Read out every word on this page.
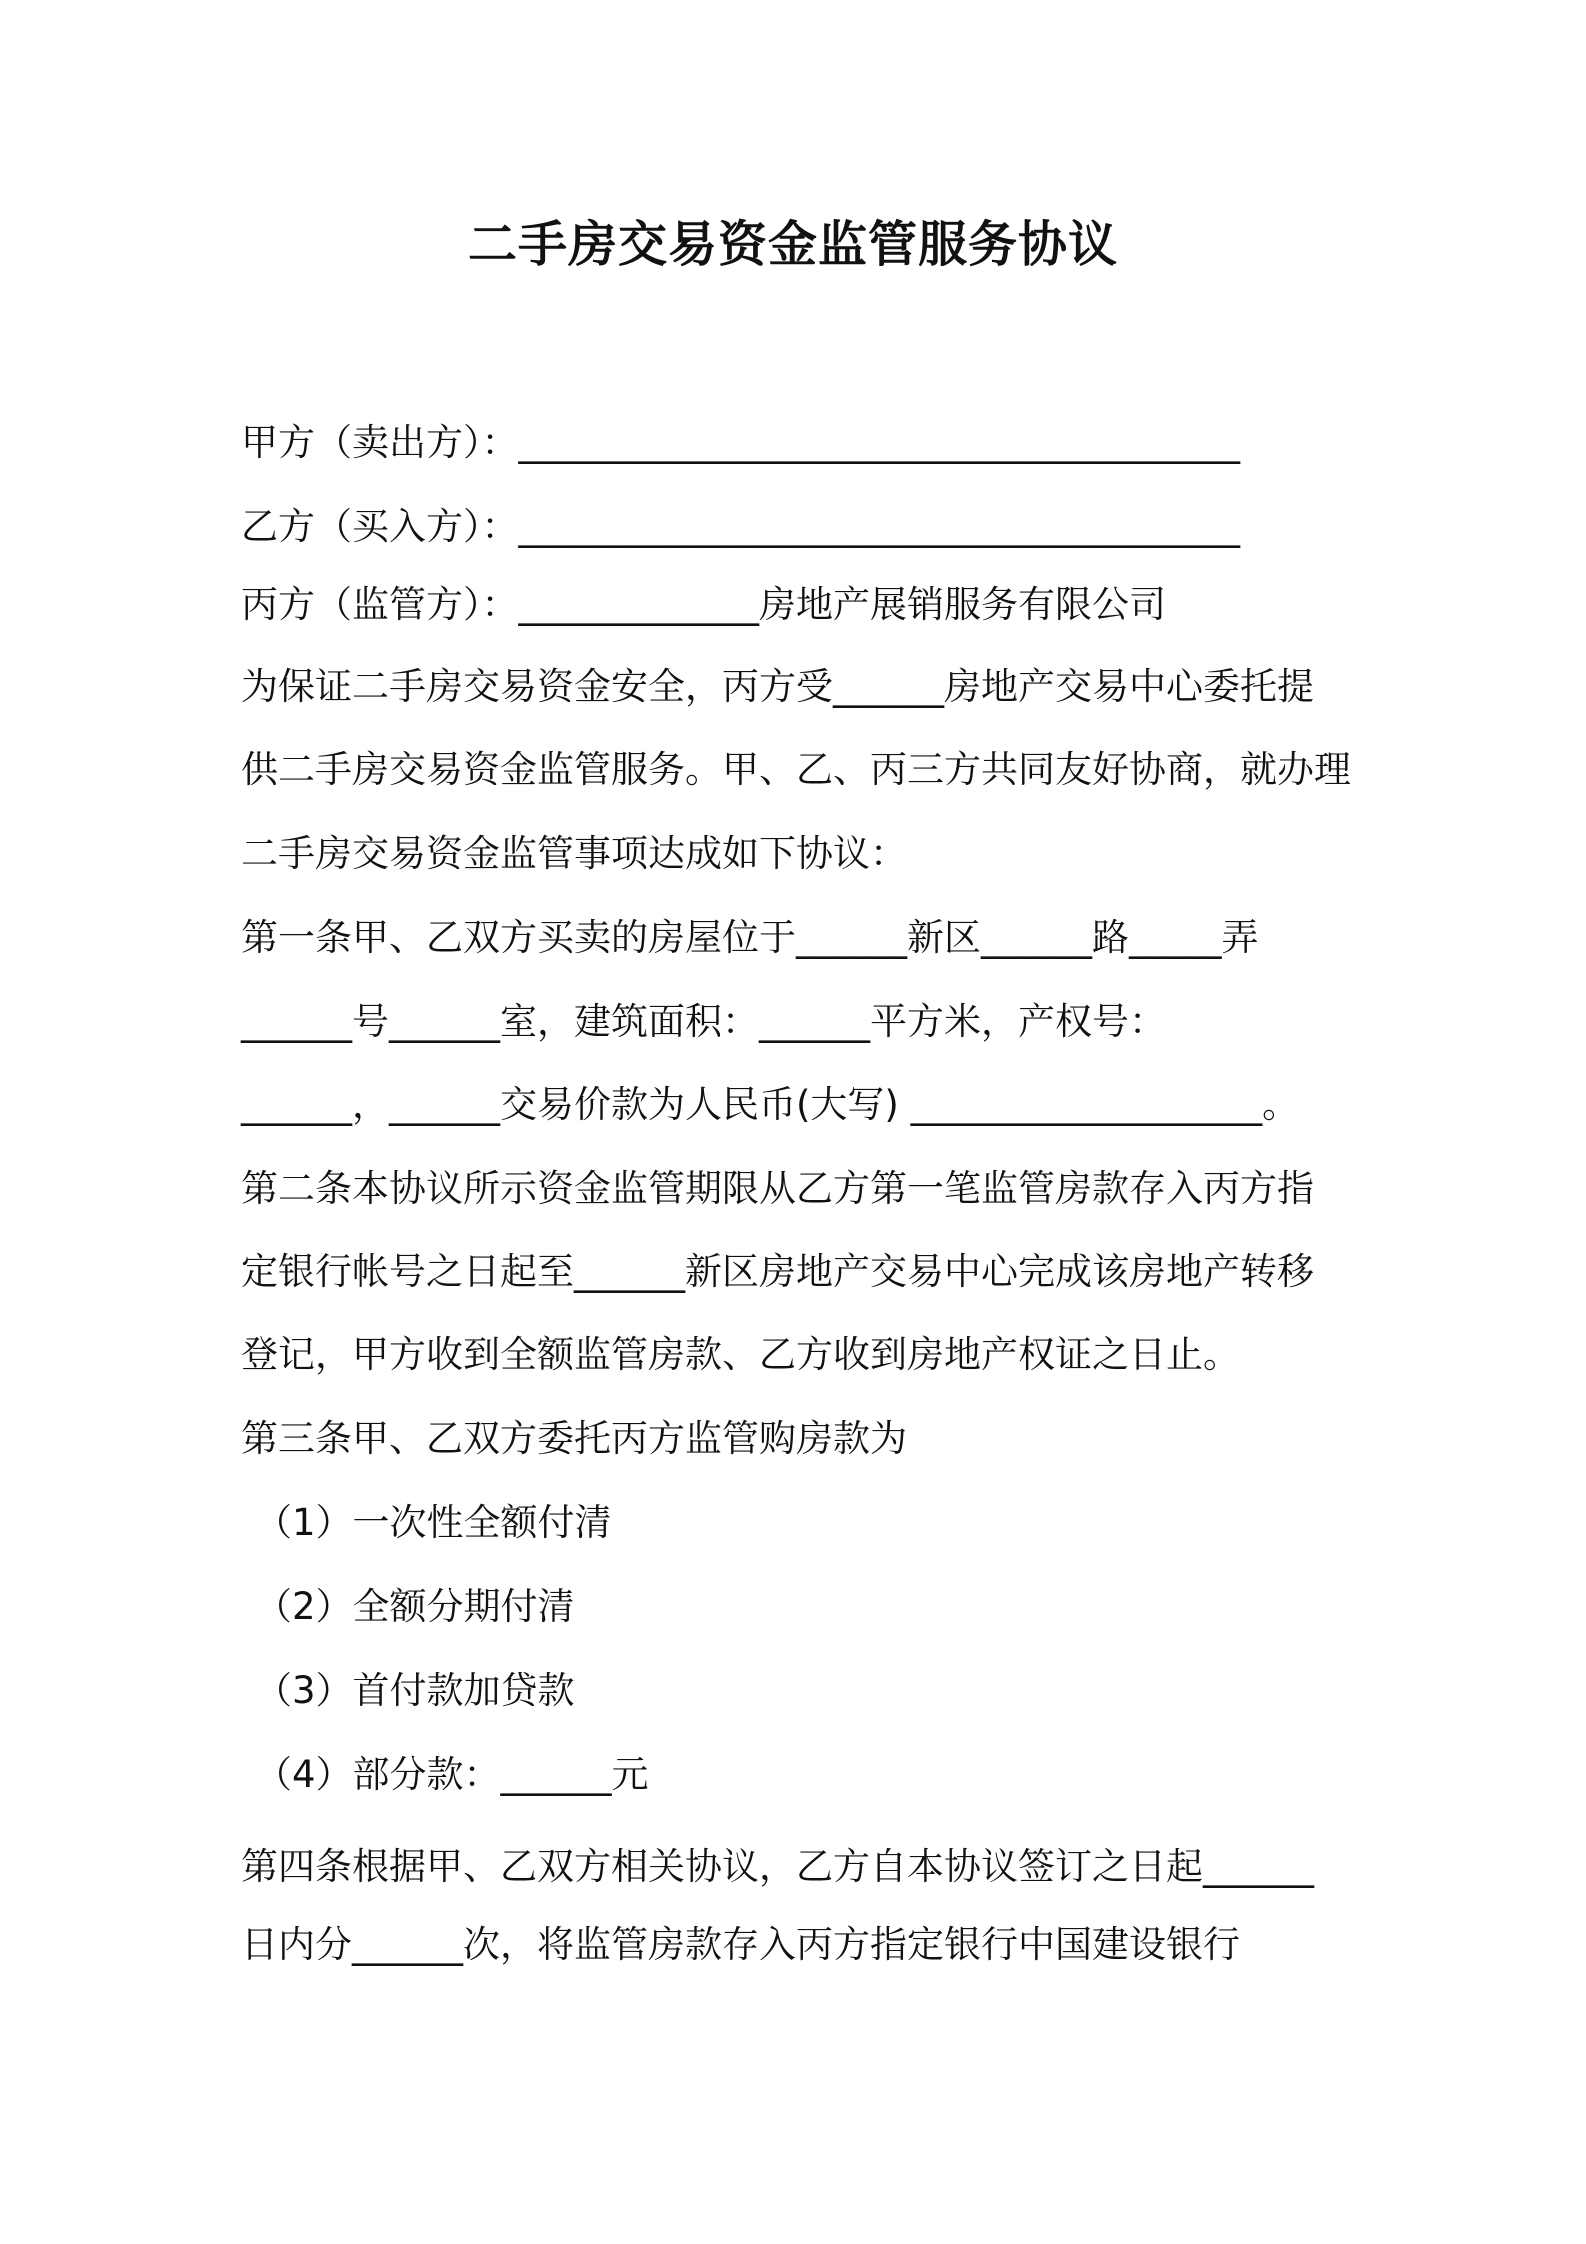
二手房交易资金监管服务协议
甲方（卖出方）：_______________________________________
乙方（买入方）：_______________________________________
丙方（监管方）：_____________房地产展销服务有限公司
为保证二手房交易资金安全，丙方受______房地产交易中心委托提
供二手房交易资金监管服务。甲、乙、丙三方共同友好协商，就办理
二手房交易资金监管事项达成如下协议：
第一条甲、乙双方买卖的房屋位于______新区______路_____弄
______号______室，建筑面积：______平方米，产权号：
______，______交易价款为人民币(大写) ___________________。
第二条本协议所示资金监管期限从乙方第一笔监管房款存入丙方指
定银行帐号之日起至______新区房地产交易中心完成该房地产转移
登记，甲方收到全额监管房款、乙方收到房地产权证之日止。
第三条甲、乙双方委托丙方监管购房款为
（1）一次性全额付清
（2）全额分期付清
（3）首付款加贷款
（4）部分款：______元
第四条根据甲、乙双方相关协议，乙方自本协议签订之日起______
日内分______次，将监管房款存入丙方指定银行中国建设银行
